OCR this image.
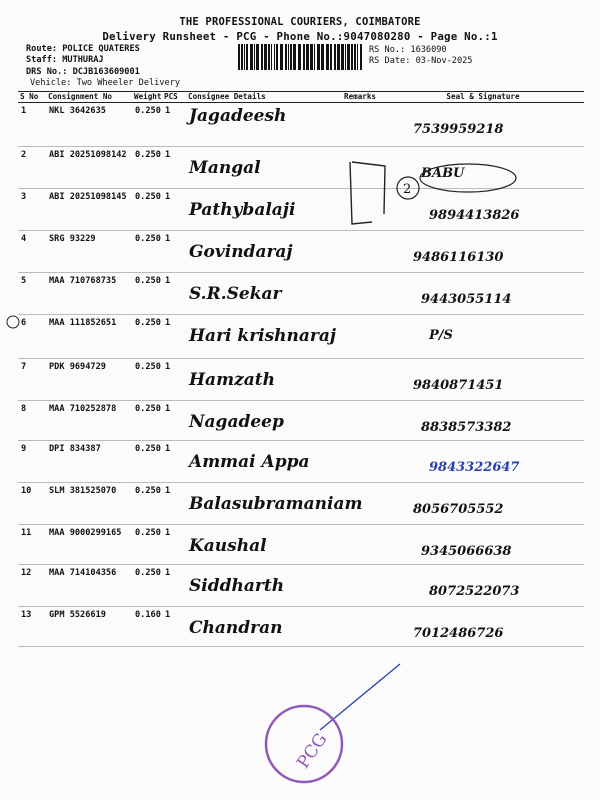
THE PROFESSIONAL COURIERS, COIMBATORE
Delivery Runsheet - PCG - Phone No.:9047080280 - Page No.:1
Route: POLICE QUATERES
Staff: MUTHURAJ
DRS No.: DCJB163609001
Vehicle: Two Wheeler Delivery
RS No.: 1636090
RS Date: 03-Nov-2025
S No	Consignment No	Weight	PCS	Consignee Details	Remarks	Seal & Signature
1	NKL 3642635	0.250	1	Jagadeesh		7539959218
2	ABI 20251098142	0.250	1	Mangal		BABU
3	ABI 20251098145	0.250	1	Pathybalaji		9894413826
4	SRG 93229	0.250	1	Govindaraj		9486116130
5	MAA 710768735	0.250	1	S.R.Sekar		9443055114
6	MAA 111852651	0.250	1	Hari krishnaraj		P/S
7	PDK 9694729	0.250	1	Hamzath		9840871451
8	MAA 710252878	0.250	1	Nagadeep		8838573382
9	DPI 834387	0.250	1	Ammai Appa		9843322647
10	SLM 381525070	0.250	1	Balasubramaniam		8056705552
11	MAA 9000299165	0.250	1	Kaushal		9345066638
12	MAA 714104356	0.250	1	Siddharth		8072522073
13	GPM 5526619	0.160	1	Chandran		7012486726
2
PCG
